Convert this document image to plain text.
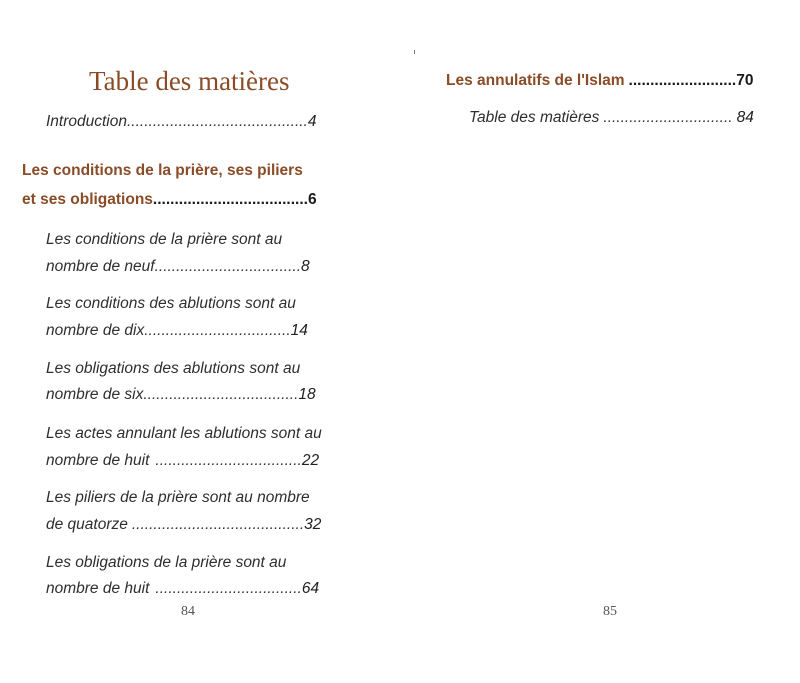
Table des matières
Introduction .......................................... 4
Les conditions de la prière, ses piliers
et ses obligations .................................... 6
Les conditions de la prière sont au
nombre de neuf .................................. 8
Les conditions des ablutions sont au
nombre de dix .................................. 14
Les obligations des ablutions sont au
nombre de six .................................... 18
Les actes annulant les ablutions sont au
nombre de huit .................................. 22
Les piliers de la prière sont au nombre
de quatorze ........................................ 32
Les obligations de la prière sont au
nombre de huit .................................. 64
84
Les annulatifs de l'Islam ......................... 70
Table des matières .............................. 84
85
